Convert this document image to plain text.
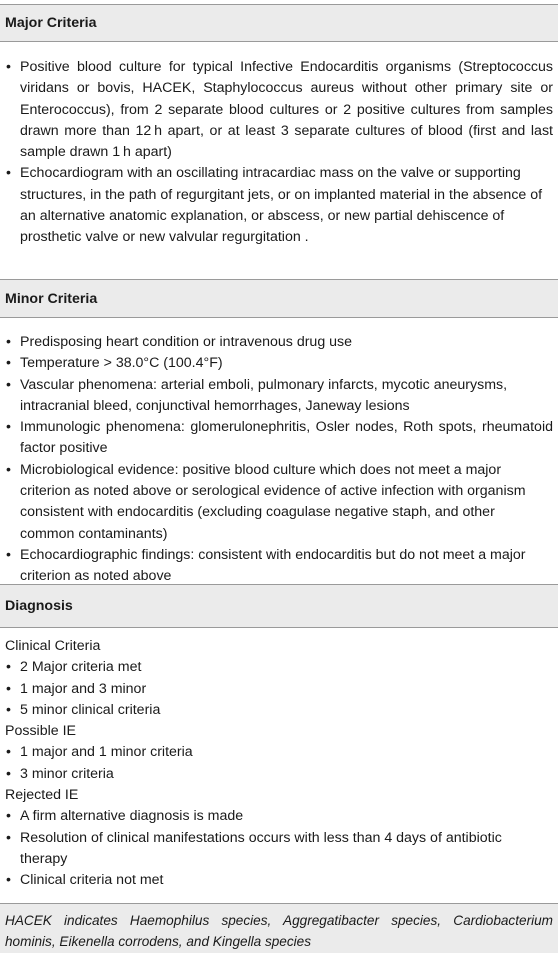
Major Criteria
• Positive blood culture for typical Infective Endocarditis organisms (Streptococcus viridans or bovis, HACEK, Staphylococcus aureus without other primary site or Enterococcus), from 2 separate blood cultures or 2 positive cultures from samples drawn more than 12 h apart, or at least 3 separate cultures of blood (first and last sample drawn 1 h apart)
• Echocardiogram with an oscillating intracardiac mass on the valve or supporting structures, in the path of regurgitant jets, or on implanted material in the absence of an alternative anatomic explanation, or abscess, or new partial dehiscence of prosthetic valve or new valvular regurgitation .
Minor Criteria
• Predisposing heart condition or intravenous drug use
• Temperature > 38.0°C (100.4°F)
• Vascular phenomena: arterial emboli, pulmonary infarcts, mycotic aneurysms, intracranial bleed, conjunctival hemorrhages, Janeway lesions
• Immunologic phenomena: glomerulonephritis, Osler nodes, Roth spots, rheumatoid factor positive
• Microbiological evidence: positive blood culture which does not meet a major criterion as noted above or serological evidence of active infection with organism consistent with endocarditis (excluding coagulase negative staph, and other common contaminants)
• Echocardiographic findings: consistent with endocarditis but do not meet a major criterion as noted above
Diagnosis
Clinical Criteria
• 2 Major criteria met
• 1 major and 3 minor
• 5 minor clinical criteria
Possible IE
• 1 major and 1 minor criteria
• 3 minor criteria
Rejected IE
• A firm alternative diagnosis is made
• Resolution of clinical manifestations occurs with less than 4 days of antibiotic therapy
• Clinical criteria not met
HACEK indicates Haemophilus species, Aggregatibacter species, Cardiobacterium hominis, Eikenella corrodens, and Kingella species
